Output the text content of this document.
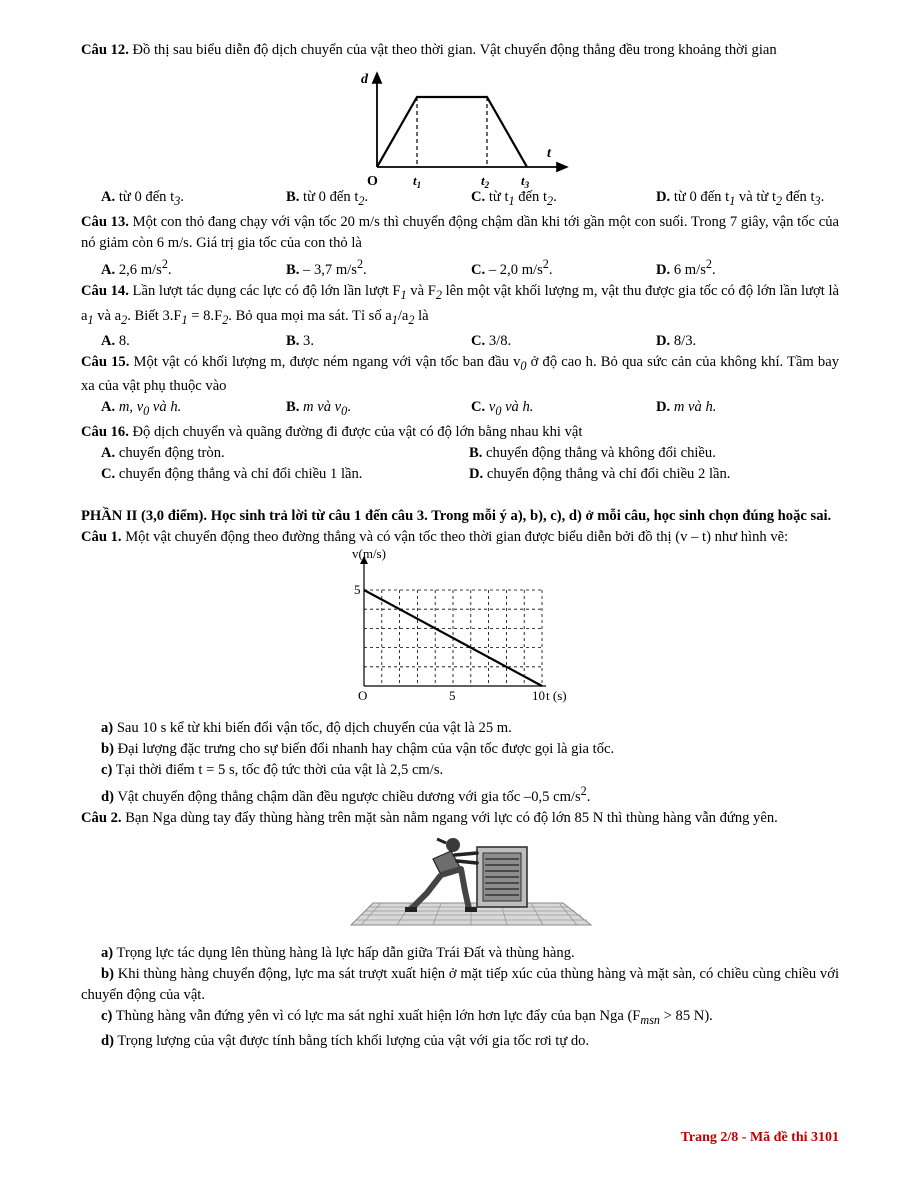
Câu 12. Đồ thị sau biểu diễn độ dịch chuyển của vật theo thời gian. Vật chuyển động thẳng đều trong khoảng thời gian

d
t
O	$t_1$	$t_2$ $t_3$
A. từ 0 đến $t_3$.	B. từ 0 đến $t_2$.	C. từ $t_1$ đến $t_2$.	D. từ 0 đến $t_1$ và từ $t_2$ đến $t_3$.

Câu 13. Một con thỏ đang chạy với vận tốc 20 m/s thì chuyển động chậm dần khi tới gần một con suối. Trong 7 giây, vận tốc của nó giảm còn 6 m/s. Giá trị gia tốc của con thỏ là

A. 2,6 $m/s^2$.	B. – 3,7 $m/s^2$.	C. – 2,0 $m/s^2$.	D. 6 $m/s^2$.

Câu 14. Lần lượt tác dụng các lực có độ lớn lần lượt $F_1$ và $F_2$ lên một vật khối lượng m, vật thu được gia tốc có độ lớn lần lượt là $a_1$ và $a_2$. Biết $3.F_1 = 8.F_2$. Bỏ qua mọi ma sát. Tỉ số $a_1/a_2$ là

A. 8.	B. 3.	C. 3/8.	D. 8/3.

Câu 15. Một vật có khối lượng m, được ném ngang với vận tốc ban đầu $v_0$ ở độ cao h. Bỏ qua sức cản của không khí. Tầm bay xa của vật phụ thuộc vào

A. m, $v_0$ và h.	B. m và $v_0$.	C. $v_0$ và h.	D. m và h.

Câu 16. Độ dịch chuyển và quãng đường đi được của vật có độ lớn bằng nhau khi vật

A. chuyển động tròn.	B. chuyển động thẳng và không đổi chiều.
C. chuyển động thẳng và chỉ đổi chiều 1 lần.	D. chuyển động thẳng và chỉ đổi chiều 2 lần.

PHẦN II (3,0 điểm). Học sinh trả lời từ câu 1 đến câu 3. Trong mỗi ý a), b), c), d) ở mỗi câu, học sinh chọn đúng hoặc sai.

Câu 1. Một vật chuyển động theo đường thẳng và có vận tốc theo thời gian được biểu diễn bởi đồ thị (v – t) như hình vẽ:

v(m/s)
t (s)
O	5	10
5

a) Sau 10 s kể từ khi biến đổi vận tốc, độ dịch chuyển của vật là 25 m.

b) Đại lượng đặc trưng cho sự biến đổi nhanh hay chậm của vận tốc được gọi là gia tốc.

c) Tại thời điểm t = 5 s, tốc độ tức thời của vật là 2,5 cm/s.

d) Vật chuyển động thẳng chậm dần đều ngược chiều dương với gia tốc –0,5 $cm/s^2$.

Câu 2. Bạn Nga dùng tay đẩy thùng hàng trên mặt sàn nằm ngang với lực có độ lớn 85 N thì thùng hàng vẫn đứng yên.

a) Trọng lực tác dụng lên thùng hàng là lực hấp dẫn giữa Trái Đất và thùng hàng.

b) Khi thùng hàng chuyển động, lực ma sát trượt xuất hiện ở mặt tiếp xúc của thùng hàng và mặt sàn, có chiều cùng chiều với chuyển động của vật.

c) Thùng hàng vẫn đứng yên vì có lực ma sát nghỉ xuất hiện lớn hơn lực đẩy của bạn Nga ($F_{msn} > 85$ N).

d) Trọng lượng của vật được tính bằng tích khối lượng của vật với gia tốc rơi tự do.

Trang 2/8 - Mã đề thi 3101
